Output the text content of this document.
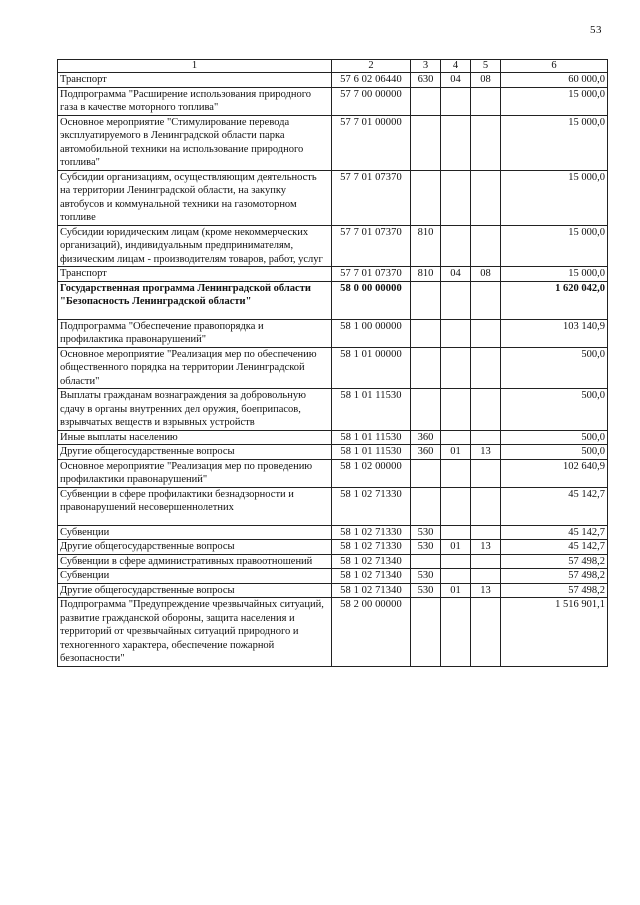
53
1	2	3	4	5	6
Транспорт	57 6 02 06440	630	04	08	60 000,0
Подпрограмма "Расширение использования природного газа в качестве моторного топлива"	57 7 00 00000				15 000,0
Основное мероприятие "Стимулирование перевода эксплуатируемого в Ленинградской области парка автомобильной техники на использование природного топлива"	57 7 01 00000				15 000,0
Субсидии организациям, осуществляющим деятельность на территории Ленинградской области, на закупку автобусов и коммунальной техники на газомоторном топливе	57 7 01 07370				15 000,0
Субсидии юридическим лицам (кроме некоммерческих организаций), индивидуальным предпринимателям, физическим лицам - производителям товаров, работ, услуг	57 7 01 07370	810			15 000,0
Транспорт	57 7 01 07370	810	04	08	15 000,0
Государственная программа Ленинградской области "Безопасность Ленинградской области"	58 0 00 00000				1 620 042,0
Подпрограмма "Обеспечение правопорядка и профилактика правонарушений"	58 1 00 00000				103 140,9
Основное мероприятие "Реализация мер по обеспечению общественного порядка на территории Ленинградской области"	58 1 01 00000				500,0
Выплаты гражданам вознаграждения за добровольную сдачу в органы внутренних дел оружия, боеприпасов, взрывчатых веществ и взрывных устройств	58 1 01 11530				500,0
Иные выплаты населению	58 1 01 11530	360			500,0
Другие общегосударственные вопросы	58 1 01 11530	360	01	13	500,0
Основное мероприятие "Реализация мер по проведению профилактики правонарушений"	58 1 02 00000				102 640,9
Субвенции в сфере профилактики безнадзорности и правонарушений несовершеннолетних	58 1 02 71330				45 142,7
Субвенции	58 1 02 71330	530			45 142,7
Другие общегосударственные вопросы	58 1 02 71330	530	01	13	45 142,7
Субвенции в сфере административных правоотношений	58 1 02 71340				57 498,2
Субвенции	58 1 02 71340	530			57 498,2
Другие общегосударственные вопросы	58 1 02 71340	530	01	13	57 498,2
Подпрограмма "Предупреждение чрезвычайных ситуаций, развитие гражданской обороны, защита населения и территорий от чрезвычайных ситуаций природного и техногенного характера, обеспечение пожарной безопасности"	58 2 00 00000				1 516 901,1
